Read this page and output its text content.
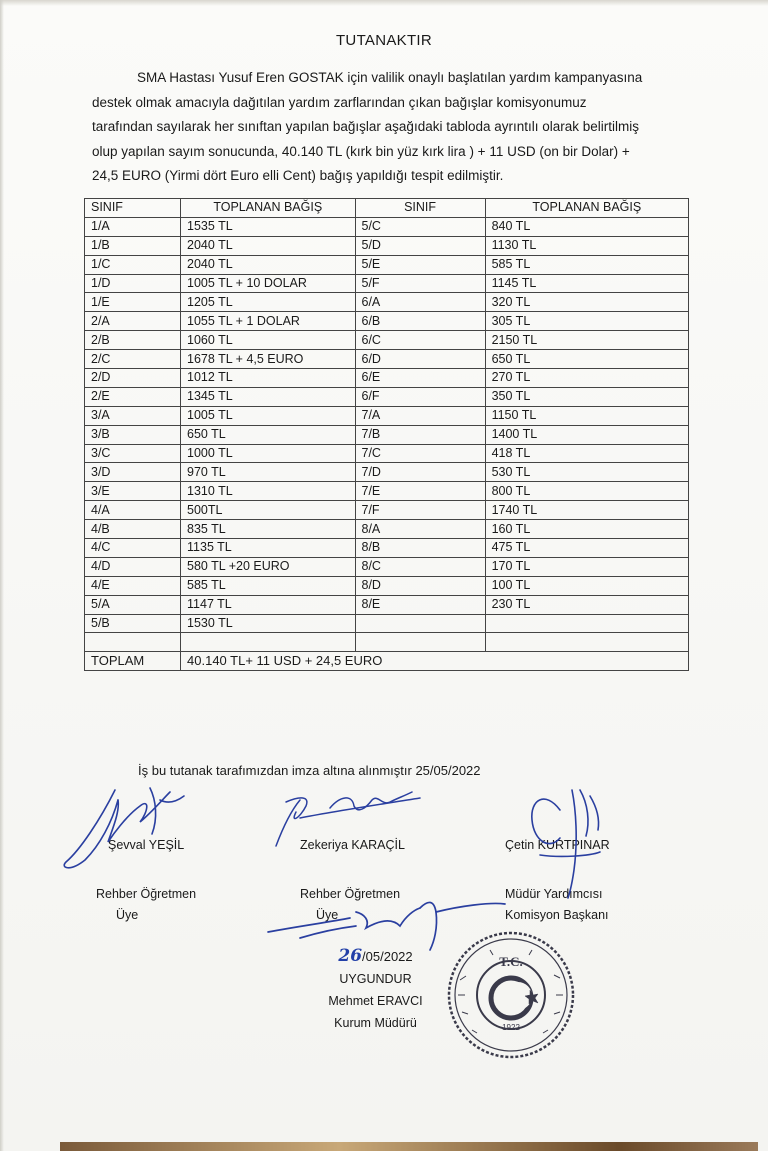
TUTANAKTIR
SMA Hastası Yusuf Eren GOSTAK için valilik onaylı başlatılan yardım kampanyasına
destek olmak amacıyla dağıtılan yardım zarflarından çıkan bağışlar komisyonumuz
tarafından sayılarak her sınıftan yapılan bağışlar aşağıdaki tabloda ayrıntılı olarak belirtilmiş
olup yapılan sayım sonucunda, 40.140 TL (kırk bin yüz kırk lira ) + 11 USD (on bir Dolar) +
24,5 EURO (Yirmi dört Euro elli Cent) bağış yapıldığı tespit edilmiştir.
SINIF	TOPLANAN BAĞIŞ	SINIF	TOPLANAN BAĞIŞ
1/A	1535 TL	5/C	840 TL
1/B	2040 TL	5/D	1130 TL
1/C	2040 TL	5/E	585 TL
1/D	1005 TL + 10 DOLAR	5/F	1145 TL
1/E	1205 TL	6/A	320 TL
2/A	1055 TL + 1 DOLAR	6/B	305 TL
2/B	1060 TL	6/C	2150 TL
2/C	1678 TL + 4,5 EURO	6/D	650 TL
2/D	1012 TL	6/E	270 TL
2/E	1345 TL	6/F	350 TL
3/A	1005 TL	7/A	1150 TL
3/B	650 TL	7/B	1400 TL
3/C	1000 TL	7/C	418 TL
3/D	970 TL	7/D	530 TL
3/E	1310 TL	7/E	800 TL
4/A	500TL	7/F	1740 TL
4/B	835 TL	8/A	160 TL
4/C	1135 TL	8/B	475 TL
4/D	580 TL +20 EURO	8/C	170 TL
4/E	585 TL	8/D	100 TL
5/A	1147 TL	8/E	230 TL
5/B	1530 TL		

TOPLAM	40.140 TL+ 11 USD + 24,5 EURO		
İş bu tutanak tarafımızdan imza altına alınmıştır 25/05/2022
Şevval YEŞİL
Rehber Öğretmen
Üye
Zekeriya KARAÇİL
Rehber Öğretmen
Üye
Çetin KURTPINAR
Müdür Yardımcısı
Komisyon Başkanı
26/05/2022
UYGUNDUR
Mehmet ERAVCI
Kurum Müdürü
T.C.
1922
